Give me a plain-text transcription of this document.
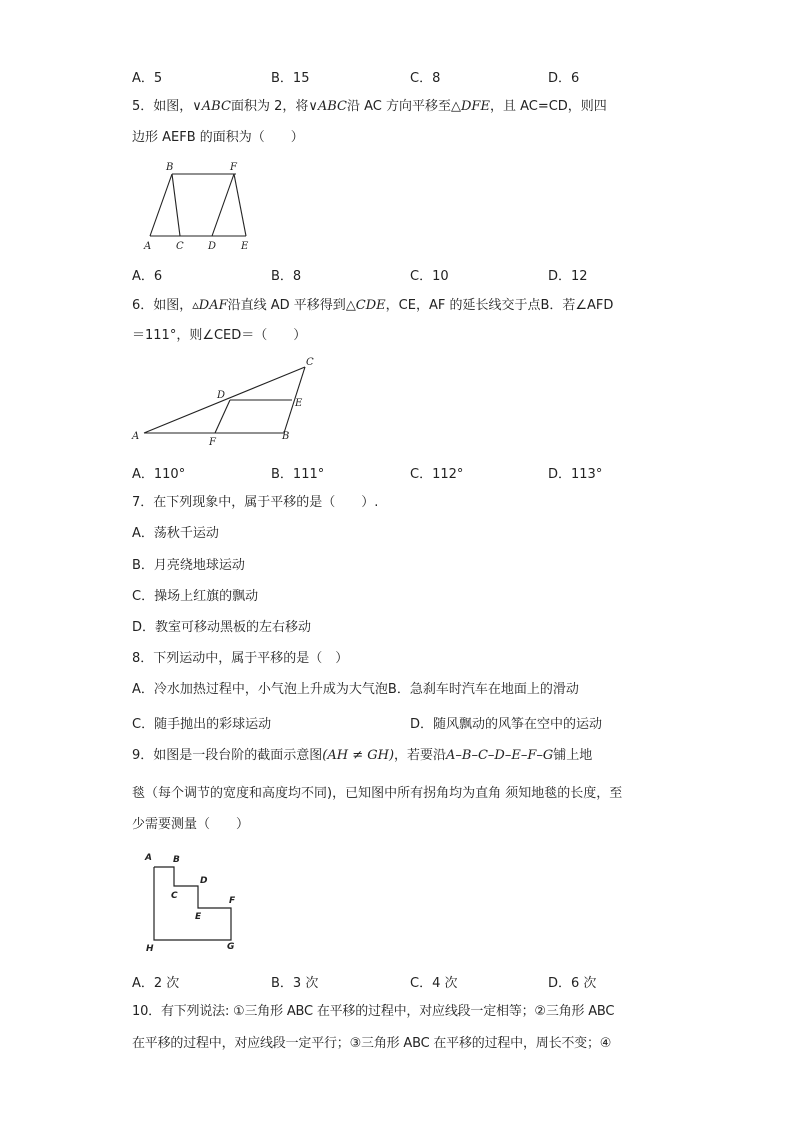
A．5	B．15	C．8	D．6
5．如图，∨ABC面积为 2，将∨ABC沿 AC 方向平移至△DFE，且 AC=CD，则四
边形 AEFB 的面积为（　　）
B	F
A C D E
A．6	B．8	C．10	D．12
6．如图，▵DAF沿直线 AD 平移得到△CDE，CE，AF 的延长线交于点B．若∠AFD
＝111°，则∠CED＝（　　）
C
D
E
A
F
B
A．110°	B．111°	C．112°	D．113°
7．在下列现象中，属于平移的是（　　）.
A．荡秋千运动
B．月亮绕地球运动
C．操场上红旗的飘动
D．教室可移动黑板的左右移动
8．下列运动中，属于平移的是（　）
A．冷水加热过程中，小气泡上升成为大气泡B．急刹车时汽车在地面上的滑动
C．随手抛出的彩球运动	D．随风飘动的风筝在空中的运动
9．如图是一段台阶的截面示意图(AH ≠ GH)，若要沿A–B–C–D–E–F–G铺上地
毯（每个调节的宽度和高度均不同)，已知图中所有拐角均为直角 须知地毯的长度，至
少需要测量（　　）
A B
C
D
E
F
H	G
A．2 次	B．3 次	C．4 次	D．6 次
10．有下列说法: ①三角形 ABC 在平移的过程中，对应线段一定相等；②三角形 ABC
在平移的过程中，对应线段一定平行；③三角形 ABC 在平移的过程中，周长不变；④
